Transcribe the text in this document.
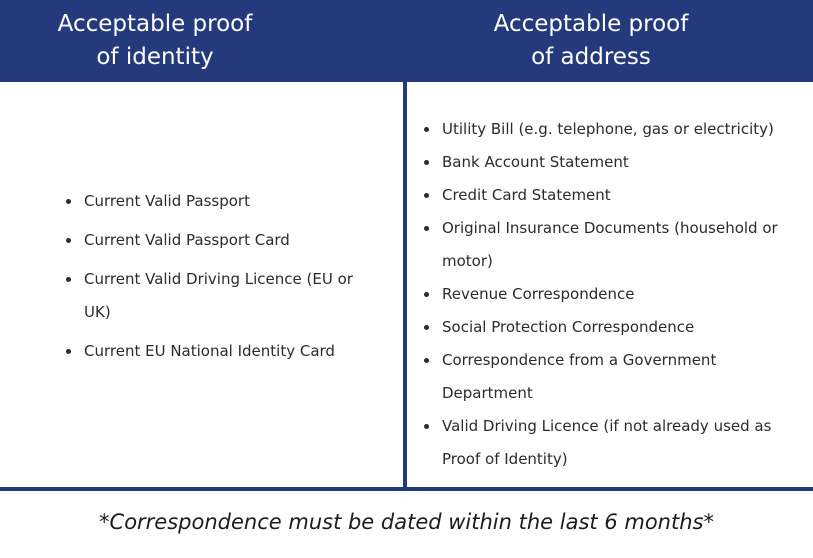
Acceptable proof
of identity
Acceptable proof
of address
Current Valid Passport
Current Valid Passport Card
Current Valid Driving Licence (EU or UK)
Current EU National Identity Card
Utility Bill (e.g. telephone, gas or electricity)
Bank Account Statement
Credit Card Statement
Original Insurance Documents (household or motor)
Revenue Correspondence
Social Protection Correspondence
Correspondence from a Government Department
Valid Driving Licence (if not already used as Proof of Identity)
*Correspondence must be dated within the last 6 months*
